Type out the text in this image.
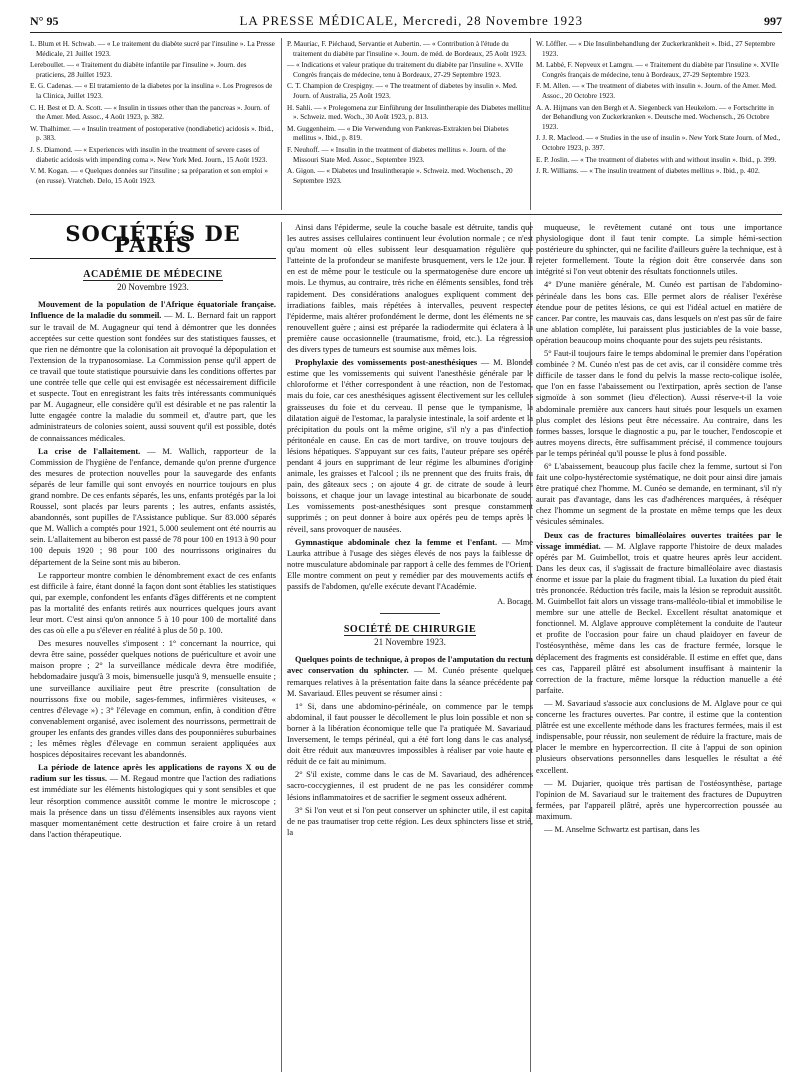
N° 95	LA PRESSE MÉDICALE, Mercredi, 28 Novembre 1923	997

L. Blum et H. Schwab. — « Le traitement du diabète sucré par l'insuline ». La Presse Médicale, 21 Juillet 1923.

Lereboullet. — « Traitement du diabète infantile par l'insuline ». Journ. des praticiens, 28 Juillet 1923.

E. G. Cadenas. — « El tratamiento de la diabetes por la insulina ». Los Progresos de la Clinica, Juillet 1923.

C. H. Best et D. A. Scott. — « Insulin in tissues other than the pancreas ». Journ. of the Amer. Med. Assoc., 4 Août 1923, p. 382.

W. Thalhimer. — « Insulin treatment of postoperative (nondiabetic) acidosis ». Ibid., p. 383.

J. S. Diamond. — « Experiences with insulin in the treatment of severe cases of diabetic acidosis with impending coma ». New York Med. Journ., 15 Août 1923.

V. M. Kogan. — « Quelques données sur l'insuline ; sa préparation et son emploi » (en russe). Vratcheb. Delo, 15 Août 1923.

P. Mauriac, F. Piéchaud, Servantie et Aubertin. — « Contribution à l'étude du traitement du diabète par l'insuline ». Journ. de méd. de Bordeaux, 25 Août 1923.

— « Indications et valeur pratique du traitement du diabète par l'insuline ». XVIIe Congrès français de médecine, tenu à Bordeaux, 27-29 Septembre 1923.

C. T. Champion de Crespigny. — « The treatment of diabetes by insulin ». Med. Journ. of Australia, 25 Août 1923.

H. Sahli. — « Prolegomena zur Einführung der Insulintherapie des Diabetes mellitus ». Schweiz. med. Woch., 30 Août 1923, p. 813.

M. Guggenheim. — « Die Verwendung von Pankreas-Extrakten bei Diabetes mellitus ». Ibid., p. 819.

F. Neuhoff. — « Insulin in the treatment of diabetes mellitus ». Journ. of the Missouri State Med. Assoc., Septembre 1923.

A. Gigon. — « Diabetes und Insulintherapie ». Schweiz. med. Wochensch., 20 Septembre 1923.

W. Löffler. — « Die Insulinbehandlung der Zuckerkrankheit ». Ibid., 27 Septembre 1923.

M. Labbé, F. Nepveux et Lamgru. — « Traitement du diabète par l'insuline ». XVIIe Congrès français de médecine, tenu à Bordeaux, 27-29 Septembre 1923.

F. M. Allen. — « The treatment of diabetes with insulin ». Journ. of the Amer. Med. Assoc., 20 Octobre 1923.

A. A. Hijmans van den Bergh et A. Siegenbeck van Heukelom. — « Fortschritte in der Behandlung von Zuckerkranken ». Deutsche med. Wochensch., 26 Octobre 1923.

J. J. R. Macleod. — « Studies in the use of insulin ». New York State Journ. of Med., Octobre 1923, p. 397.

E. P. Joslin. — « The treatment of diabetes with and without insulin ». Ibid., p. 399.

J. R. Williams. — « The insulin treatment of diabetes mellitus ». Ibid., p. 402.

SOCIÉTÉS DE PARIS
ACADÉMIE DE MÉDECINE
20 Novembre 1923.

Mouvement de la population de l'Afrique équatoriale française. Influence de la maladie du sommeil. — M. L. Bernard fait un rapport sur le travail de M. Augagneur qui tend à démontrer que les données acceptées sur cette question sont fondées sur des statistiques fausses, et que rien ne démontre que la colonisation ait provoqué la dépopulation et l'extension de la trypanosomiase. La Commission pense qu'il appert de ce travail que toute statistique poursuivie dans les conditions offertes par une contrée telle que celle qui est envisagée est nécessairement difficile et suspecte. Tout en enregistrant les faits très intéressants communiqués par M. Augagneur, elle considère qu'il est désirable et ne pas ralentir la lutte engagée contre la maladie du sommeil et, d'autre part, que les administrateurs de colonies soient, aussi souvent qu'il est possible, dotés de connaissances médicales.

La crise de l'allaitement. — M. Wallich, rapporteur de la Commission de l'hygiène de l'enfance, demande qu'on prenne d'urgence des mesures de protection nouvelles pour la sauvegarde des enfants séparés de leur famille qui sont envoyés en nourrice toujours en plus grand nombre. De ces enfants séparés, les uns, enfants protégés par la loi Roussel, sont placés par leurs parents ; les autres, enfants assistés, abandonnés, sont pupilles de l'Assistance publique. Sur 83.000 séparés que M. Wallich a comptés pour 1921, 5.000 seulement ont été nourris au sein. L'allaitement au biberon est passé de 78 pour 100 en 1913 à 90 pour 100 depuis 1920 ; 98 pour 100 des nourrissons originaires du département de la Seine sont mis au biberon.

Le rapporteur montre combien le dénombrement exact de ces enfants est difficile à faire, étant donné la façon dont sont établies les statistiques qui, par exemple, confondent les enfants d'âges différents et ne comptent pas la mortalité des enfants retirés aux nourrices quelques jours avant leur mort. C'est ainsi qu'on annonce 5 à 10 pour 100 de mortalité dans des cas où elle a pu s'élever en réalité à plus de 50 p. 100.

Des mesures nouvelles s'imposent : 1° concernant la nourrice, qui devra être saine, posséder quelques notions de puériculture et avoir une maison propre ; 2° la surveillance médicale devra être modifiée, hebdomadaire jusqu'à 3 mois, bimensuelle jusqu'à 9, mensuelle ensuite ; une surveillance auxiliaire peut être prescrite (consultation de nourrissons fixe ou mobile, sages-femmes, infirmières visiteuses, « centres d'élevage ») ; 3° l'élevage en commun, enfin, à condition d'être convenablement organisé, avec isolement des nourrissons, permettrait de grouper les enfants des grandes villes dans des pouponnières suburbaines ; les mêmes règles d'élevage en commun seraient appliquées aux hospices dépositaires recevant les abandonnés.

La période de latence après les applications de rayons X ou de radium sur les tissus. — M. Regaud montre que l'action des radiations est immédiate sur les éléments histologiques qui y sont sensibles et que leur résorption commence aussitôt comme le montre le microscope ; mais la présence dans un tissu d'éléments insensibles aux rayons vient masquer momentanément cette destruction et faire croire à un retard dans l'action thérapeutique.

Ainsi dans l'épiderme, seule la couche basale est détruite, tandis que les autres assises cellulaires continuent leur évolution normale ; ce n'est qu'au moment où elles subissent leur desquamation régulière que l'atteinte de la profondeur se manifeste brusquement, vers le 12e jour. Il en est de même pour le testicule ou la spermatogenèse dure encore un mois. Le thymus, au contraire, très riche en éléments sensibles, fond très rapidement. Des considérations analogues expliquent comment des irradiations faibles, mais répétées à intervalles, peuvent respecter l'épiderme, mais altérer profondément le derme, dont les éléments ne se renouvellent guère ; ainsi est préparée la radiodermite qui éclatera à la première cause occasionnelle (traumatisme, froid, etc.). La régression des divers types de tumeurs est soumise aux mêmes lois.

Prophylaxie des vomissements post-anesthésiques — M. Blondel estime que les vomissements qui suivent l'anesthésie générale par le chloroforme et l'éther correspondent à une réaction, non de l'estomac, mais du foie, car ces anesthésiques agissent électivement sur les cellules graisseuses du foie et du cerveau. Il pense que le tympanisme, la dilatation aiguë de l'estomac, la paralysie intestinale, la soif ardente et la précipitation du pouls ont la même origine, s'il n'y a pas d'infection péritonéale en cause. En cas de mort tardive, on trouve toujours des lésions hépatiques. S'appuyant sur ces faits, l'auteur prépare ses opérés pendant 4 jours en supprimant de leur régime les albumines d'origine animale, les graisses et l'alcool ; ils ne prennent que des fruits frais, du pain, des gâteaux secs ; on ajoute 4 gr. de citrate de soude à leurs boissons, et chaque jour un lavage intestinal au bicarbonate de soude. Les vomissements post-anesthésiques sont presque constamment supprimés ; on peut donner à boire aux opérés peu de temps après le réveil, sans provoquer de nausées.

Gymnastique abdominale chez la femme et l'enfant. — Mme Laurka attribue à l'usage des sièges élevés de nos pays la faiblesse de notre musculature abdominale par rapport à celle des femmes de l'Orient. Elle montre comment on peut y remédier par des mouvements actifs et passifs de l'abdomen, qu'elle exécute devant l'Académie.

A. Bocage.
SOCIÉTÉ DE CHIRURGIE
21 Novembre 1923.

Quelques points de technique, à propos de l'amputation du rectum avec conservation du sphincter. — M. Cunéo présente quelques remarques relatives à la présentation faite dans la séance précédente par M. Savariaud. Elles peuvent se résumer ainsi :

1° Si, dans une abdomino-périnéale, on commence par le temps abdominal, il faut pousser le décollement le plus loin possible et non se borner à la libération économique telle que l'a pratiquée M. Savariaud. Inversement, le temps périnéal, qui a été fort long dans le cas analysé, doit être réduit aux manœuvres impossibles à réaliser par voie haute et réduit de ce fait au minimum.

2° S'il existe, comme dans le cas de M. Savariaud, des adhérences sacro-coccygiennes, il est prudent de ne pas les considérer comme lésions inflammatoires et de sacrifier le segment osseux adhérent.

3° Si l'on veut et si l'on peut conserver un sphincter utile, il est capital de ne pas traumatiser trop cette région. Les deux sphincters lisse et strié, la

muqueuse, le revêtement cutané ont tous une importance physiologique dont il faut tenir compte. La simple hémi-section postérieure du sphincter, qui ne facilite d'ailleurs guère la technique, est à rejeter formellement. Toute la région doit être conservée dans son intégrité si l'on veut obtenir des résultats fonctionnels utiles.

4° D'une manière générale, M. Cunéo est partisan de l'abdomino-périnéale dans les bons cas. Elle permet alors de réaliser l'exérèse étendue pour de petites lésions, ce qui est l'idéal actuel en matière de cancer. Par contre, les mauvais cas, dans lesquels on n'est pas sûr de faire une ablation complète, lui paraissent plus justiciables de la voie basse, opération beaucoup moins choquante pour des sujets peu résistants.

5° Faut-il toujours faire le temps abdominal le premier dans l'opération combinée ? M. Cunéo n'est pas de cet avis, car il considère comme très difficile de tasser dans le fond du pelvis la masse recto-colique isolée, que l'on en fasse l'abaissement ou l'extirpation, après section de l'anse sigmoïde à son sommet (lieu d'élection). Aussi réserve-t-il la voie abdominale première aux cancers haut situés pour lesquels un examen plus complet des lésions peut être nécessaire. Au contraire, dans les formes basses, lorsque le diagnostic a pu, par le toucher, l'endoscopie et autres moyens directs, être suffisamment précisé, il commence toujours par le temps périnéal qu'il pousse le plus à fond possible.

6° L'abaissement, beaucoup plus facile chez la femme, surtout si l'on fait une colpo-hystérectomie systématique, ne doit pour ainsi dire jamais être pratiqué chez l'homme. M. Cunéo se demande, en terminant, s'il n'y aurait pas d'avantage, dans les cas d'adhérences marquées, à réséquer chez l'homme un segment de la prostate en même temps que les deux vésicules séminales.

Deux cas de fractures bimalléolaires ouvertes traitées par le vissage immédiat. — M. Alglave rapporte l'histoire de deux malades opérés par M. Guimbellot, trois et quatre heures après leur accident. Dans les deux cas, il s'agissait de fracture bimalléolaire avec diastasis énorme et issue par la plaie du fragment tibial. La luxation du pied était très prononcée. Réduction très facile, mais la lésion se reproduit aussitôt. M. Guimbellot fait alors un vissage trans-malléolo-tibial et immobilise le membre sur une attelle de Beckel. Excellent résultat anatomique et fonctionnel. M. Alglave approuve complètement la conduite de l'auteur et profite de l'occasion pour faire un chaud plaidoyer en faveur de l'ostéosynthèse, même dans les cas de fracture fermée, lorsque le déplacement des fragments est considérable. Il estime en effet que, dans ces cas, l'appareil plâtré est absolument insuffisant à maintenir la correction de la fracture, même lorsque la réduction manuelle a été parfaite.

— M. Savariaud s'associe aux conclusions de M. Alglave pour ce qui concerne les fractures ouvertes. Par contre, il estime que la contention plâtrée est une excellente méthode dans les fractures fermées, mais il est indispensable, pour réussir, non seulement de réduire la fracture, mais de placer le membre en hypercorrection. Il cite à l'appui de son opinion plusieurs observations personnelles dans lesquelles le résultat a été excellent.

— M. Dujarier, quoique très partisan de l'ostéosynthèse, partage l'opinion de M. Savariaud sur le traitement des fractures de Dupuytren fermées, par l'appareil plâtré, après une hypercorrection poussée au maximum.

— M. Anselme Schwartz est partisan, dans les
